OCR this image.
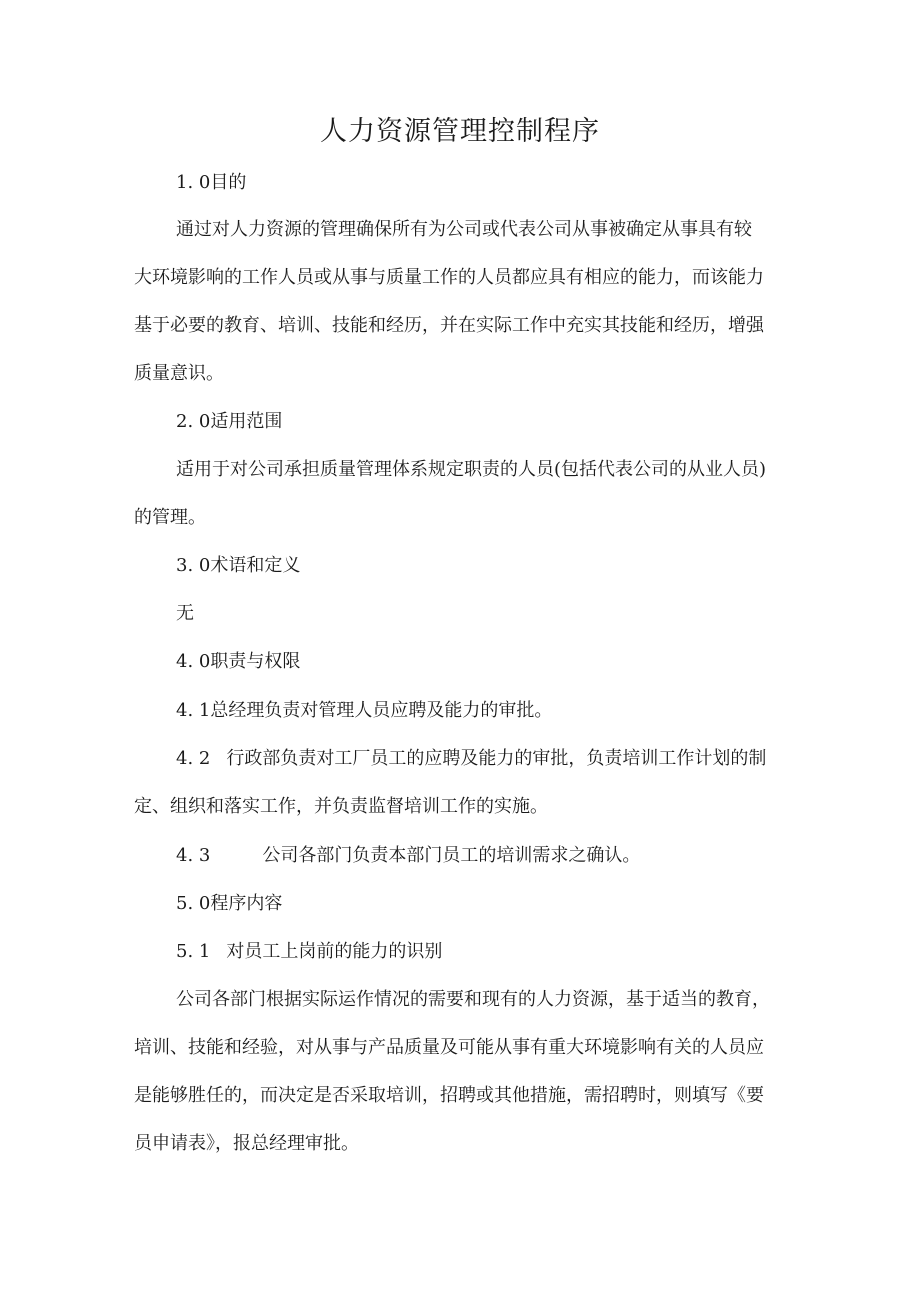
人力资源管理控制程序
1. 0目的
通过对人力资源的管理确保所有为公司或代表公司从事被确定从事具有较
大环境影响的工作人员或从事与质量工作的人员都应具有相应的能力，而该能力
基于必要的教育、培训、技能和经历，并在实际工作中充实其技能和经历，增强
质量意识。
2. 0适用范围
适用于对公司承担质量管理体系规定职责的人员(包括代表公司的从业人员)
的管理。
3. 0术语和定义
无
4. 0职责与权限
4. 1总经理负责对管理人员应聘及能力的审批。
4. 2 行政部负责对工厂员工的应聘及能力的审批，负责培训工作计划的制
定、组织和落实工作，并负责监督培训工作的实施。
4. 3	公司各部门负责本部门员工的培训需求之确认。
5. 0程序内容
5. 1 对员工上岗前的能力的识别
公司各部门根据实际运作情况的需要和现有的人力资源，基于适当的教育，
培训、技能和经验，对从事与产品质量及可能从事有重大环境影响有关的人员应
是能够胜任的，而决定是否采取培训，招聘或其他措施，需招聘时，则填写《要
员申请表》，报总经理审批。
